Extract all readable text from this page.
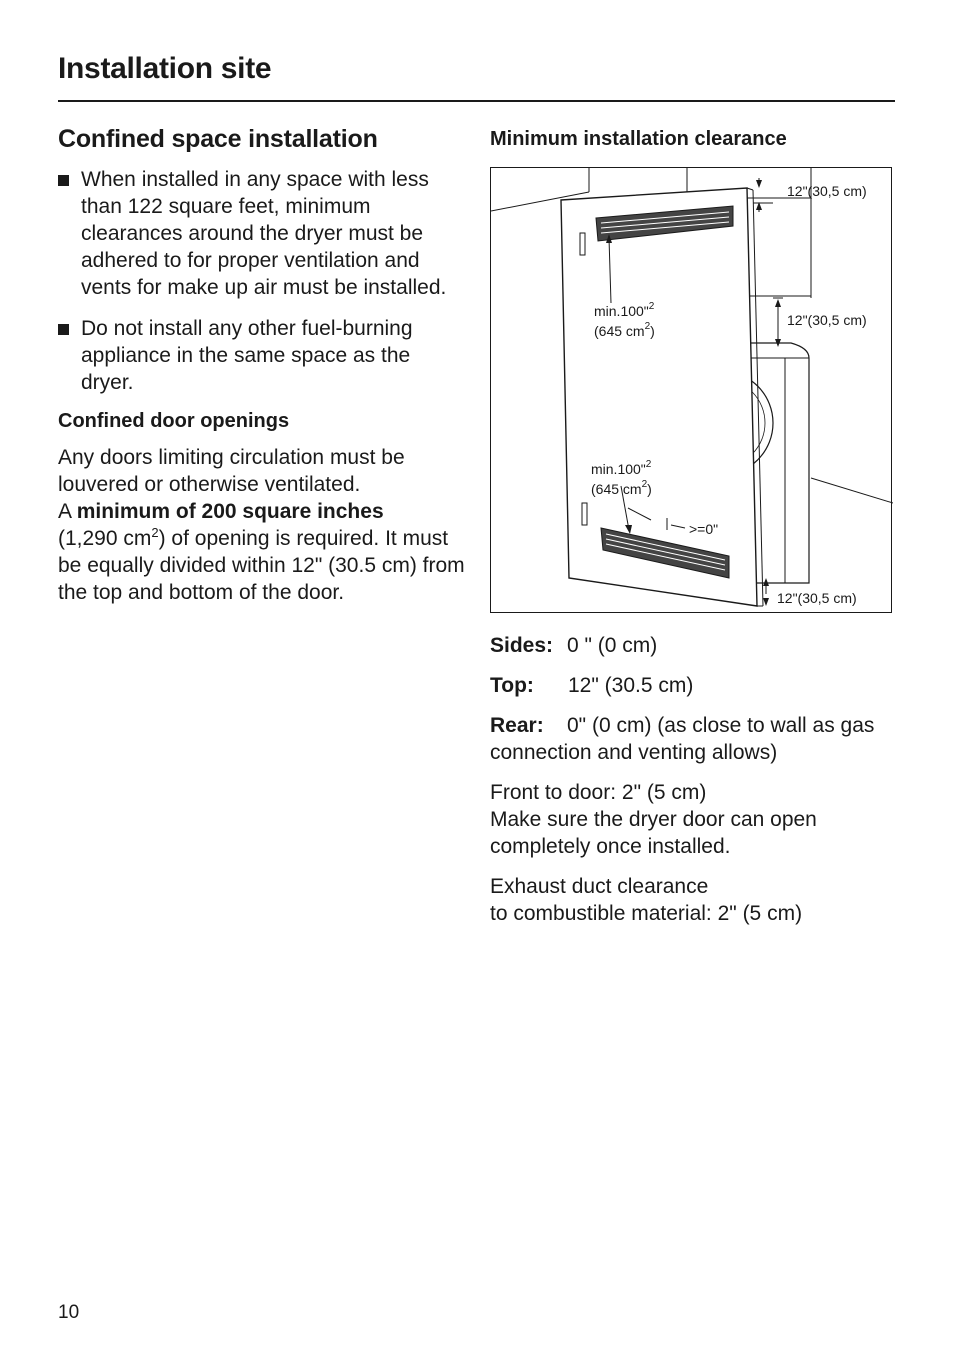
Installation site
Confined space installation
When installed in any space with less than 122 square feet, minimum clearances around the dryer must be adhered to for proper ventilation and vents for make up air must be installed.
Do not install any other fuel-burning appliance in the same space as the dryer.
Confined door openings

Any doors limiting circulation must be louvered or otherwise ventilated.
A minimum of 200 square inches
(1,290 $cm^2$) of opening is required. It must be equally divided within 12" (30.5 cm) from the top and bottom of the door.

Minimum installation clearance
12"(30,5 cm)
12"(30,5 cm)
12"(30,5 cm)
min.100"$^2$
(645 $cm^2$)
min.100"$^2$
(645 $cm^2$)
>=0"
Sides: 0 " (0 cm)
Top: 12" (30.5 cm)
Rear: 0" (0 cm) (as close to wall as gas connection and venting allows)
Front to door: 2" (5 cm)
Make sure the dryer door can open completely once installed.
Exhaust duct clearance
to combustible material: 2" (5 cm)
10
